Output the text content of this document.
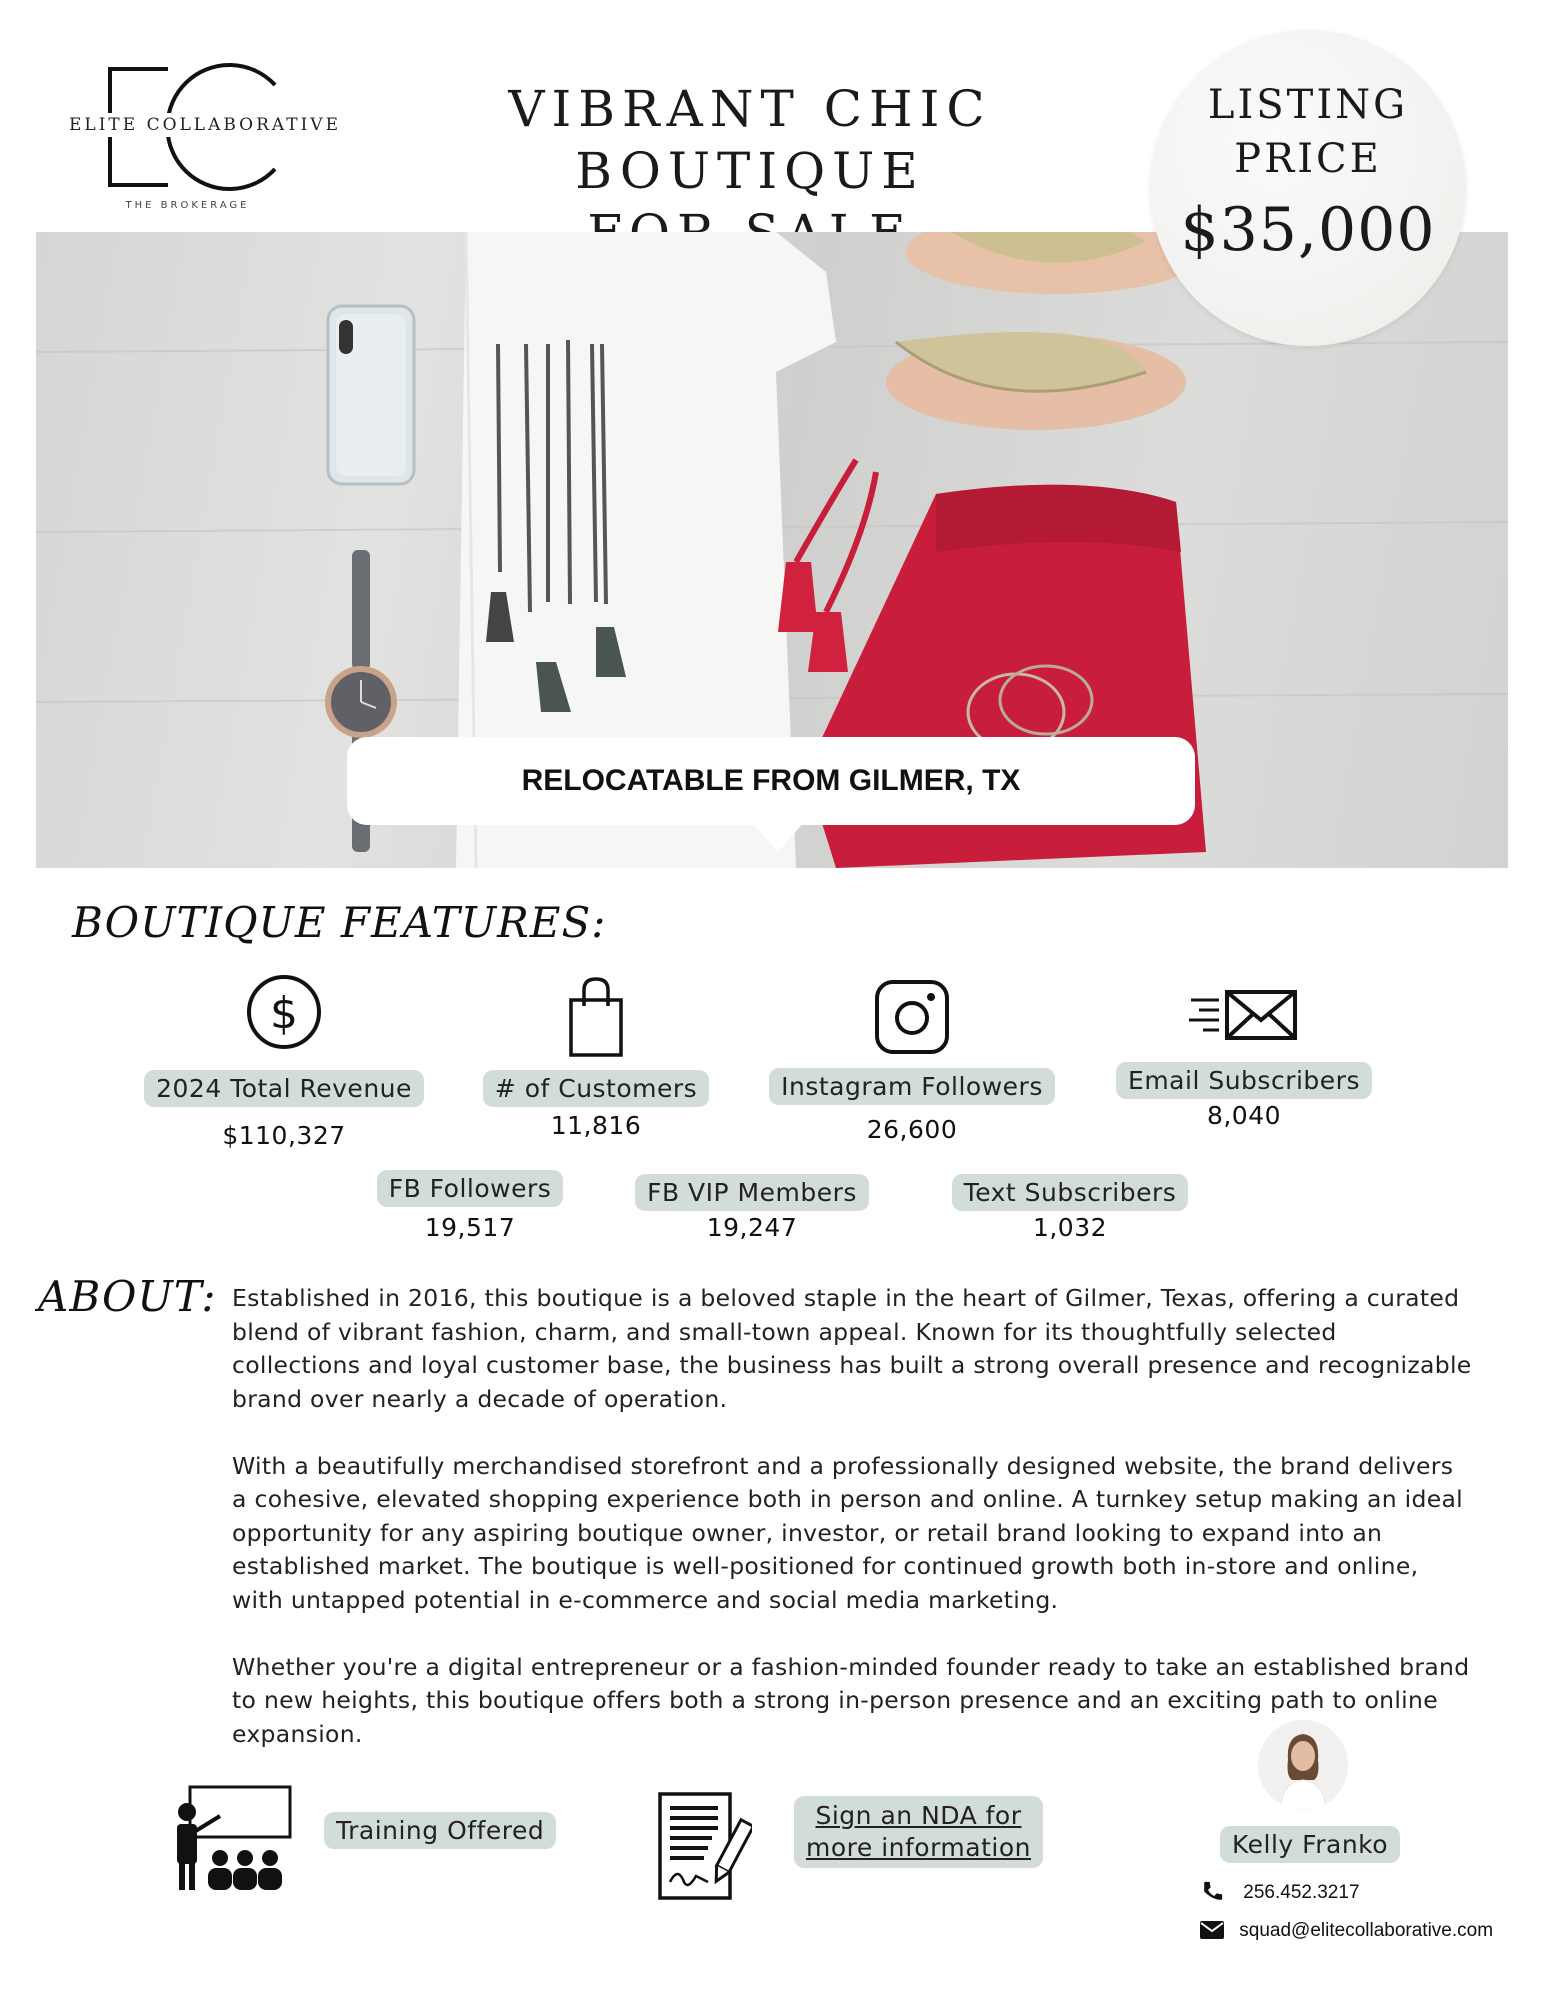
ELITE COLLABORATIVE
THE BROKERAGE
VIBRANT CHIC BOUTIQUE
LISTING
PRICE
$35,000
RELOCATABLE FROM GILMER, TX
BOUTIQUE FEATURES:
$
2024 Total Revenue
$110,327
# of Customers
11,816
Instagram Followers
26,600
Email Subscribers
8,040
FB Followers
19,517
FB VIP Members
19,247
Text Subscribers
1,032
ABOUT: Established in 2016, this boutique is a beloved staple in the heart of Gilmer, Texas, offering a curated blend of vibrant fashion, charm, and small-town appeal. Known for its thoughtfully selected collections and loyal customer base, the business has built a strong overall presence and recognizable brand over nearly a decade of operation.

With a beautifully merchandised storefront and a professionally designed website, the brand delivers a cohesive, elevated shopping experience both in person and online. A turnkey setup making an ideal opportunity for any aspiring boutique owner, investor, or retail brand looking to expand into an established market. The boutique is well-positioned for continued growth both in-store and online, with untapped potential in e-commerce and social media marketing.

Whether you're a digital entrepreneur or a fashion-minded founder ready to take an established brand to new heights, this boutique offers both a strong in-person presence and an exciting path to online expansion.

Training Offered
Sign an NDA for
more information	Kelly Franko
256.452.3217
squad@elitecollaborative.com
